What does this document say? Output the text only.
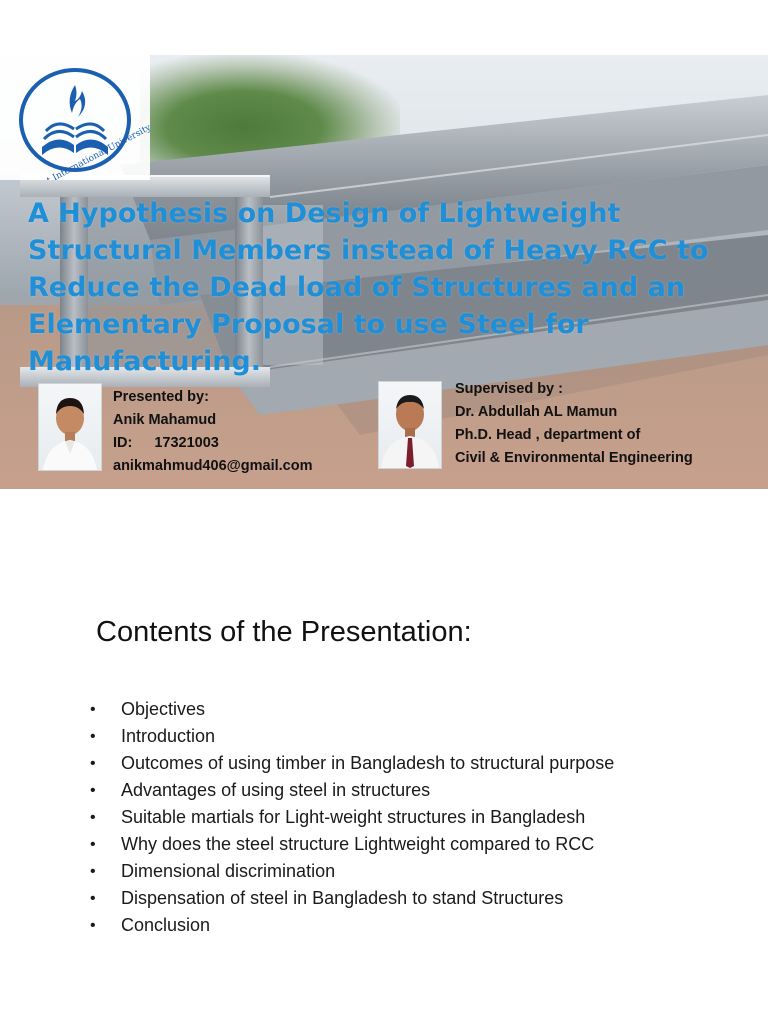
A Hypothesis on Design of Lightweight Structural Members instead of Heavy RCC to Reduce the Dead load of Structures and an Elementary Proposal to use Steel for Manufacturing.
Presented by:
Anik Mahamud
ID: 17321003
anikmahmud406@gmail.com
Supervised by :
Dr. Abdullah AL Mamun
Ph.D. Head , department of
Civil & Environmental Engineering
Contents of the Presentation:
• Objectives
• Introduction
• Outcomes of using timber in Bangladesh to structural purpose
• Advantages of using steel in structures
• Suitable martials for Light-weight structures in Bangladesh
• Why does the steel structure Lightweight compared to RCC
• Dimensional discrimination
• Dispensation of steel in Bangladesh to stand Structures
• Conclusion
